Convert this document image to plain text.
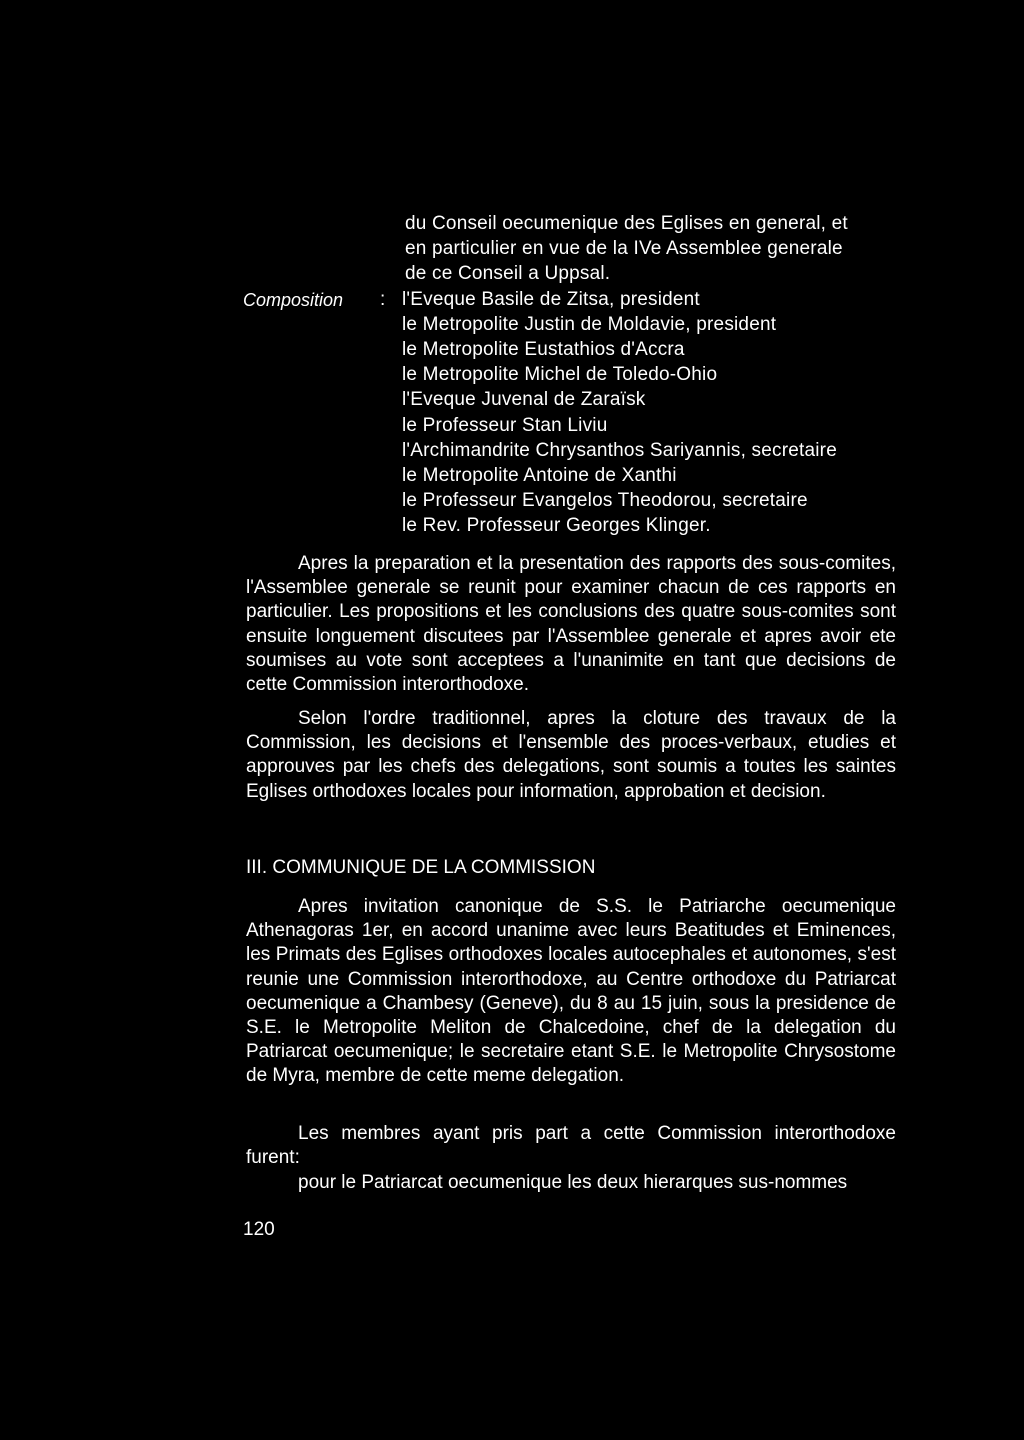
du Conseil oecumenique des Eglises en general, et
en particulier en vue de la IVe Assemblee generale
de ce Conseil a Uppsal.
Composition : l'Eveque Basile de Zitsa, president
le Metropolite Justin de Moldavie, president
le Metropolite Eustathios d'Accra
le Metropolite Michel de Toledo-Ohio
l'Eveque Juvenal de Zaraïsk
le Professeur Stan Liviu
l'Archimandrite Chrysanthos Sariyannis, secretaire
le Metropolite Antoine de Xanthi
le Professeur Evangelos Theodorou, secretaire
le Rev. Professeur Georges Klinger.

Apres la preparation et la presentation des rapports des sous-comites, l'Assemblee generale se reunit pour examiner chacun de ces rapports en particulier. Les propositions et les conclusions des quatre sous-comites sont ensuite longuement discutees par l'Assemblee generale et apres avoir ete soumises au vote sont acceptees a l'unanimite en tant que decisions de cette Commission interorthodoxe.

Selon l'ordre traditionnel, apres la cloture des travaux de la Commission, les decisions et l'ensemble des proces-verbaux, etudies et approuves par les chefs des delegations, sont soumis a toutes les saintes Eglises orthodoxes locales pour information, approbation et decision.

III. COMMUNIQUE DE LA COMMISSION

Apres invitation canonique de S.S. le Patriarche oecumenique Athenagoras 1er, en accord unanime avec leurs Beatitudes et Eminences, les Primats des Eglises orthodoxes locales autocephales et autonomes, s'est reunie une Commission interorthodoxe, au Centre orthodoxe du Patriarcat oecumenique a Chambesy (Geneve), du 8 au 15 juin, sous la presidence de S.E. le Metropolite Meliton de Chalcedoine, chef de la delegation du Patriarcat oecumenique; le secretaire etant S.E. le Metropolite Chrysostome de Myra, membre de cette meme delegation.

Les membres ayant pris part a cette Commission interorthodoxe furent:

pour le Patriarcat oecumenique les deux hierarques sus-nommes

120
